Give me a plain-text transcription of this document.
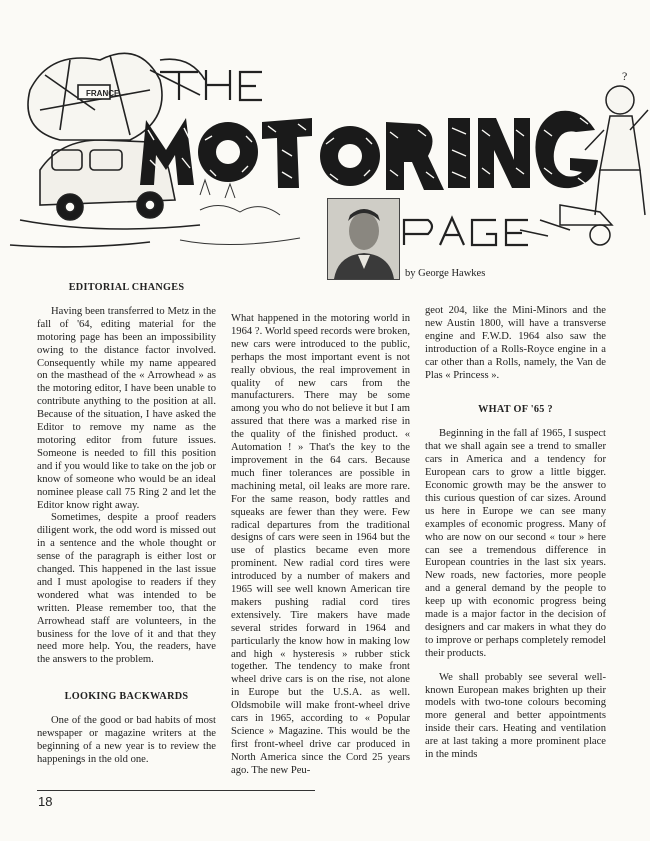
FRANCE
?
by George Hawkes
EDITORIAL CHANGES

Having been transferred to Metz in the fall of '64, editing material for the motoring page has been an impossibility owing to the distance factor involved. Consequently while my name appeared on the masthead of the « Arrowhead » as the motoring editor, I have been unable to contribute anything to the position at all. Because of the situation, I have asked the Editor to remove my name as the motoring editor from future issues. Someone is needed to fill this position and if you would like to take on the job or know of someone who would be an ideal nominee please call 75 Ring 2 and let the Editor know right away.

Sometimes, despite a proof readers diligent work, the odd word is missed out in a sentence and the whole thought or sense of the paragraph is either lost or changed. This happened in the last issue and I must apologise to readers if they wondered what was intended to be written. Please remember too, that the Arrowhead staff are volunteers, in the business for the love of it and that they need more help. You, the readers, have the answers to the problem.

LOOKING BACKWARDS

One of the good or bad habits of most newspaper or magazine writers at the beginning of a new year is to review the happenings in the old one.

What happened in the motoring world in 1964 ?. World speed records were broken, new cars were introduced to the public, perhaps the most important event is not really obvious, the real improvement in quality of new cars from the manufacturers. There may be some among you who do not believe it but I am assured that there was a marked rise in the quality of the finished product. « Automation ! » That's the key to the improvement in the 64 cars. Because much finer tolerances are possible in machining metal, oil leaks are more rare. For the same reason, body rattles and squeaks are fewer than they were. Few radical departures from the traditional designs of cars were seen in 1964 but the use of plastics became even more prominent. New radial cord tires were introduced by a number of makers and 1965 will see well known American tire makers pushing radial cord tires extensively. Tire makers have made several strides forward in 1964 and particularly the know how in making low and high « hysteresis » rubber stick together. The tendency to make front wheel drive cars is on the rise, not alone in Europe but the U.S.A. as well. Oldsmobile will make front-wheel drive cars in 1965, according to « Popular Science » Magazine. This would be the first front-wheel drive car produced in North America since the Cord 25 years ago. The new Peu-

geot 204, like the Mini-Minors and the new Austin 1800, will have a transverse engine and F.W.D. 1964 also saw the introduction of a Rolls-Royce engine in a car other than a Rolls, namely, the Van de Plas « Princess ».

WHAT OF '65 ?

Beginning in the fall af 1965, I suspect that we shall again see a trend to smaller cars in America and a tendency for European cars to grow a little bigger. Economic growth may be the answer to this curious question of car sizes. Around us here in Europe we can see many examples of economic progress. Many of who are now on our second « tour » here can see a tremendous difference in European countries in the last six years. New roads, new factories, more people and a general demand by the people to keep up with economic progress being made is a major factor in the decision of designers and car makers in what they do to improve or perhaps completely remodel their products.

We shall probably see several well-known European makes brighten up their models with two-tone colours becoming more general and better appointments inside their cars. Heating and ventilation are at last taking a more prominent place in the minds

18
